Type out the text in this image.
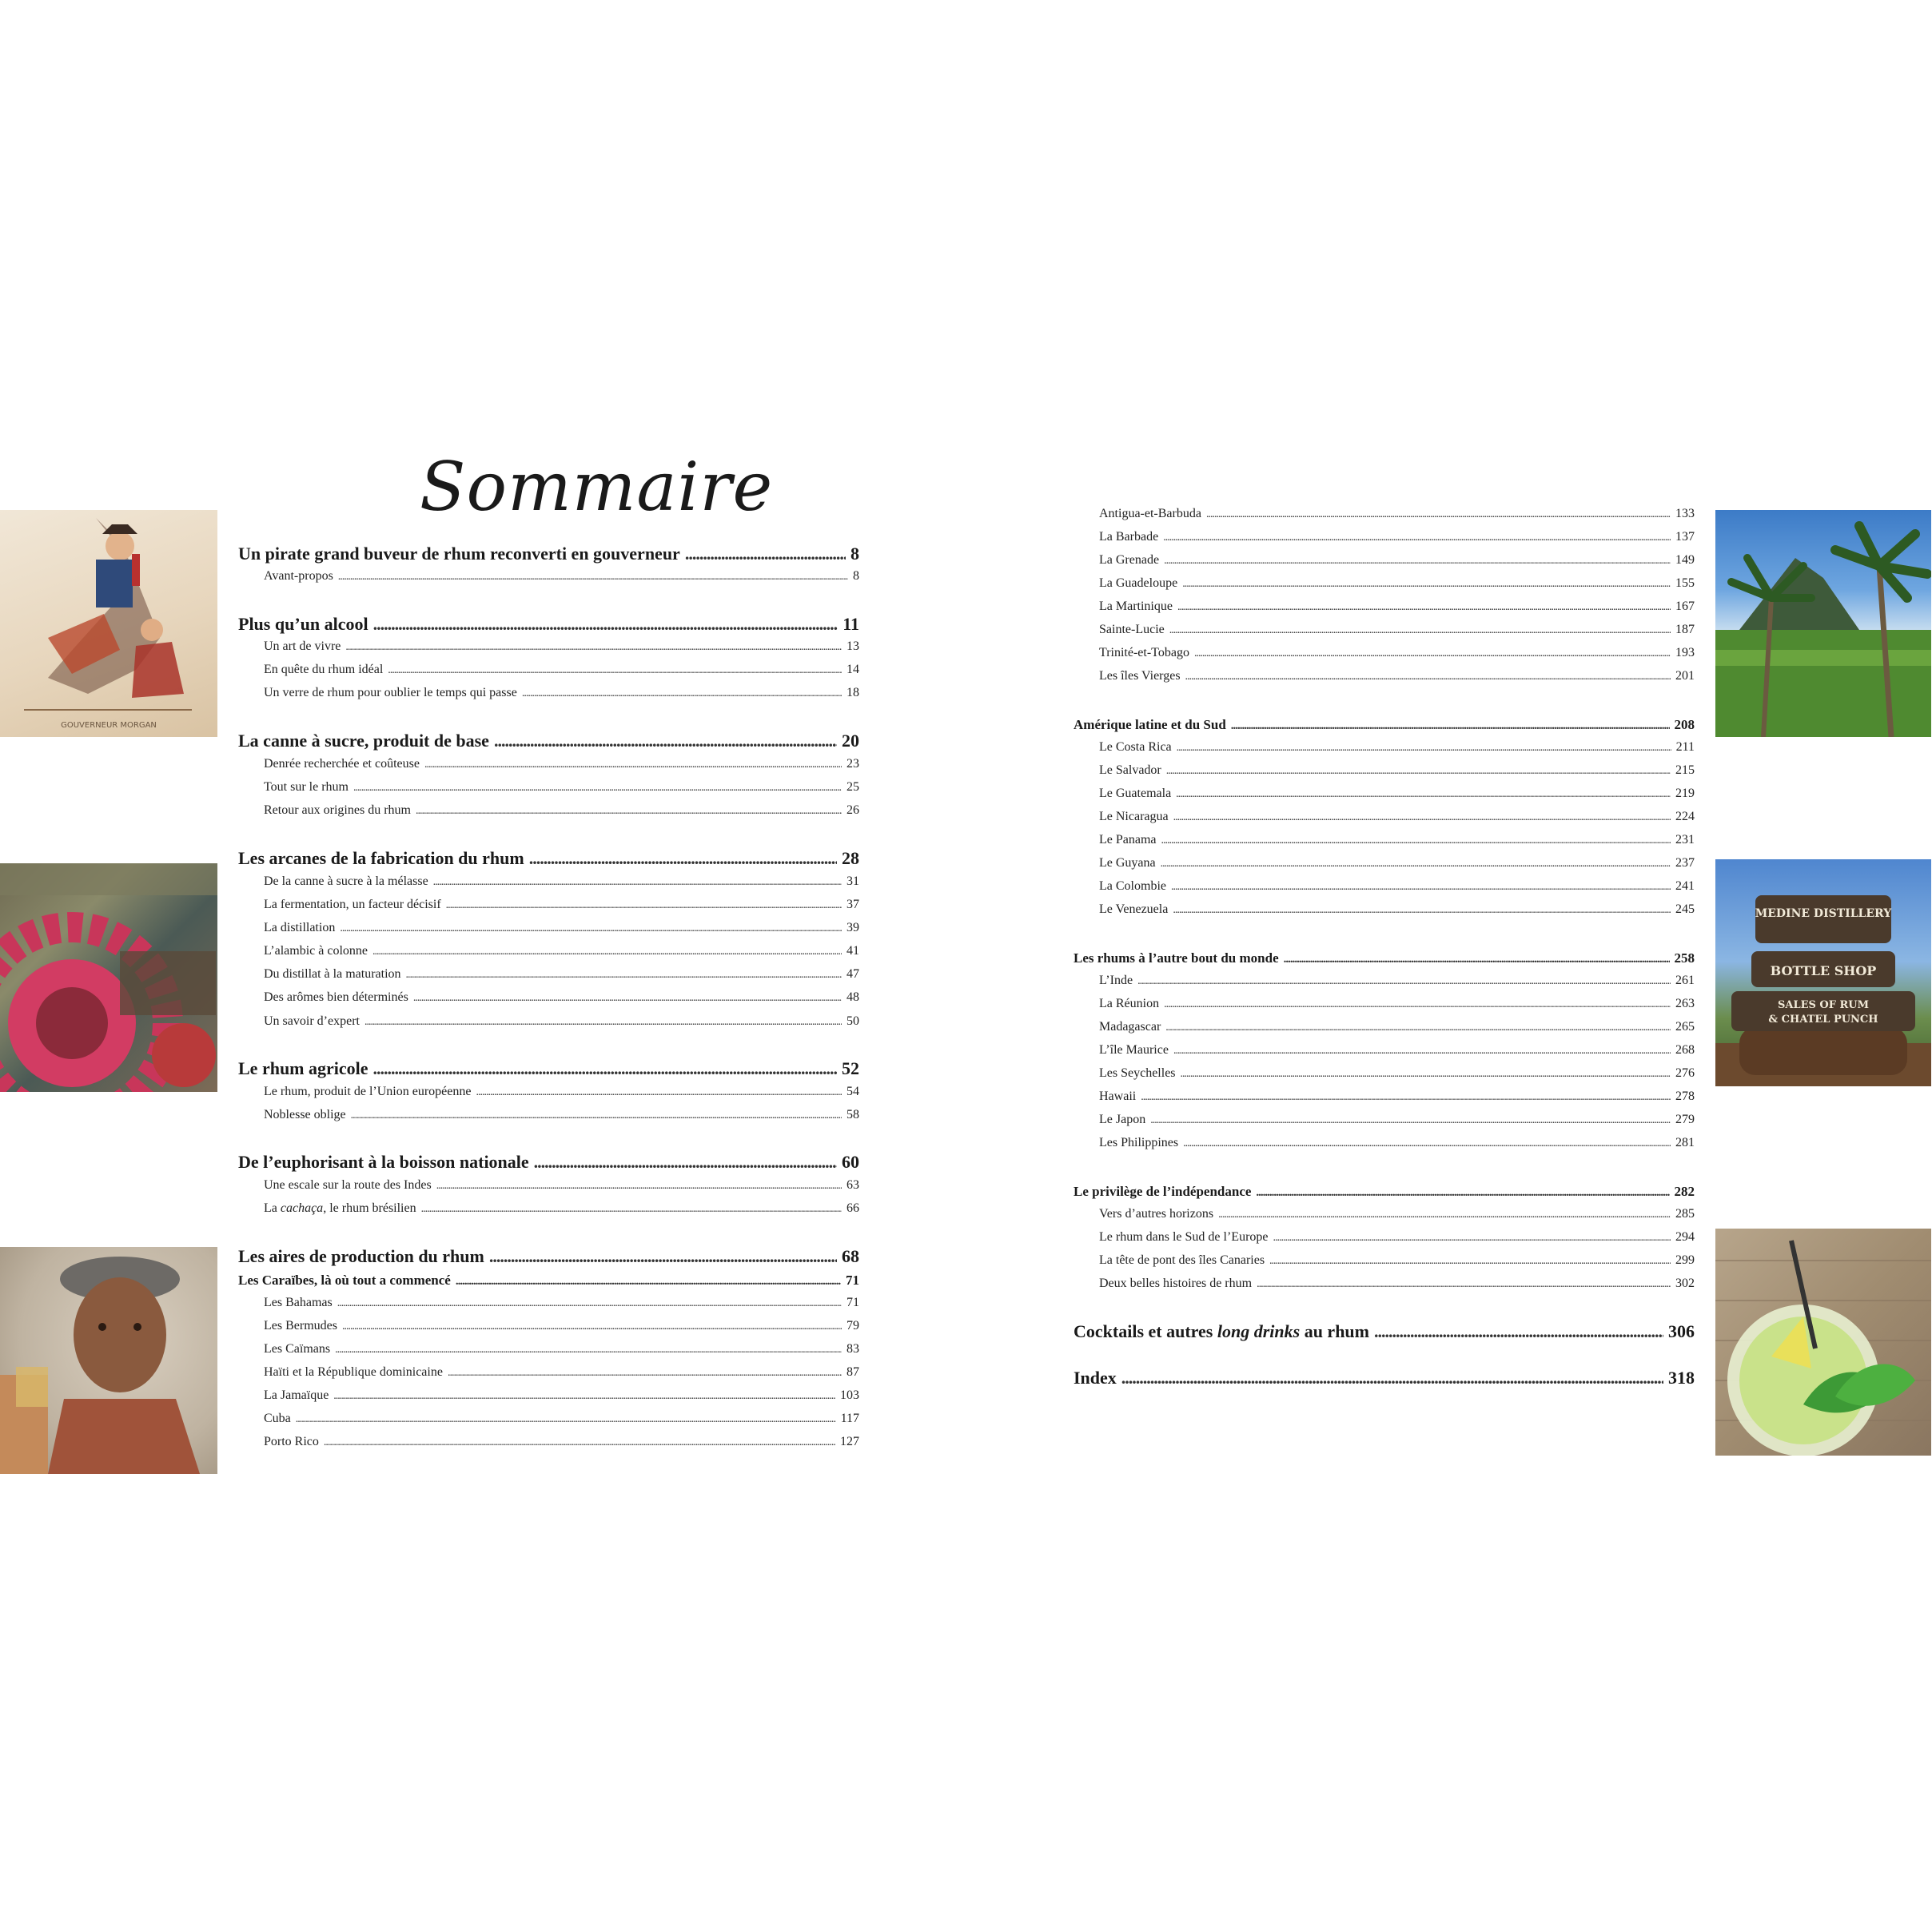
Sommaire
Un pirate grand buveur de rhum reconverti en gouverneur .....	8
Avant-propos .....	8
Plus qu’un alcool .....	11
Un art de vivre .....	13
En quête du rhum idéal .....	14
Un verre de rhum pour oublier le temps qui passe .....	18
La canne à sucre, produit de base .....	20
Denrée recherchée et coûteuse .....	23
Tout sur le rhum .....	25
Retour aux origines du rhum .....	26
Les arcanes de la fabrication du rhum .....	28
De la canne à sucre à la mélasse .....	31
La fermentation, un facteur décisif .....	37
La distillation .....	39
L’alambic à colonne .....	41
Du distillat à la maturation .....	47
Des arômes bien déterminés .....	48
Un savoir d’expert .....	50
Le rhum agricole .....	52
Le rhum, produit de l’Union européenne .....	54
Noblesse oblige .....	58
De l’euphorisant à la boisson nationale .....	60
Une escale sur la route des Indes .....	63
La cachaça, le rhum brésilien .....	66
Les aires de production du rhum .....	68
Les Caraïbes, là où tout a commencé .....	71
Les Bahamas .....	71
Les Bermudes .....	79
Les Caïmans .....	83
Haïti et la République dominicaine .....	87
La Jamaïque .....	103
Cuba .....	117
Porto Rico .....	127
Antigua-et-Barbuda .....	133
La Barbade .....	137
La Grenade .....	149
La Guadeloupe .....	155
La Martinique .....	167
Sainte-Lucie .....	187
Trinité-et-Tobago .....	193
Les îles Vierges .....	201
Amérique latine et du Sud .....	208
Le Costa Rica .....	211
Le Salvador .....	215
Le Guatemala .....	219
Le Nicaragua .....	224
Le Panama .....	231
Le Guyana .....	237
La Colombie .....	241
Le Venezuela .....	245
Les rhums à l’autre bout du monde .....	258
L’Inde .....	261
La Réunion .....	263
Madagascar .....	265
L’île Maurice .....	268
Les Seychelles .....	276
Hawaii .....	278
Le Japon .....	279
Les Philippines .....	281
Le privilège de l’indépendance .....	282
Vers d’autres horizons .....	285
Le rhum dans le Sud de l’Europe .....	294
La tête de pont des îles Canaries .....	299
Deux belles histoires de rhum .....	302
Cocktails et autres long drinks au rhum .....	306
Index .....	318
GOUVERNEUR MORGAN
MEDINE DISTILLERY
BOTTLE SHOP
SALES OF RUM
& CHATEL PUNCH
